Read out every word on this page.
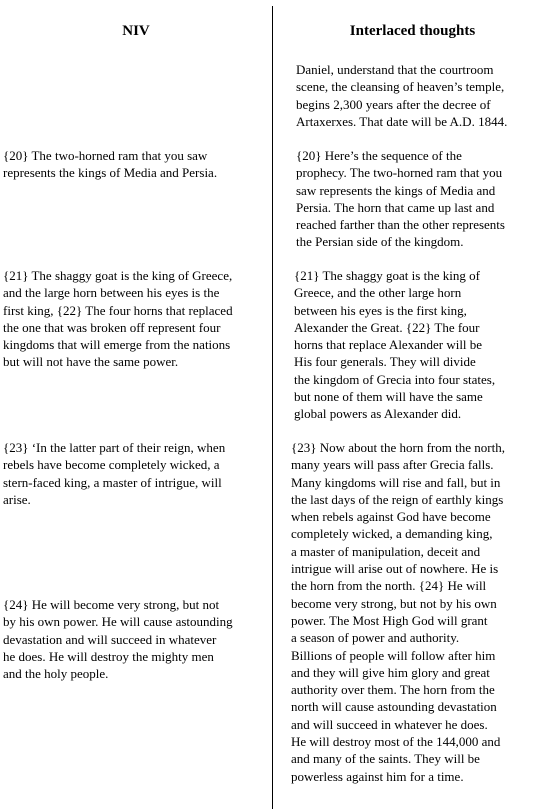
NIV	Interlaced thoughts
{20} The two-horned ram that you saw
represents the kings of Media and Persia.
{21} The shaggy goat is the king of Greece,
and the large horn between his eyes is the
first king, {22} The four horns that replaced
the one that was broken off represent four
kingdoms that will emerge from the nations
but will not have the same power.
{23} ‘In the latter part of their reign, when
rebels have become completely wicked, a
stern-faced king, a master of intrigue, will
arise.
{24} He will become very strong, but not
by his own power. He will cause astounding
devastation and will succeed in whatever
he does. He will destroy the mighty men
and the holy people.
Daniel, understand that the courtroom
scene, the cleansing of heaven’s temple,
begins 2,300 years after the decree of
Artaxerxes. That date will be A.D. 1844.
{20} Here’s the sequence of the
prophecy. The two-horned ram that you
saw represents the kings of Media and
Persia. The horn that came up last and
reached farther than the other represents
the Persian side of the kingdom.
{21} The shaggy goat is the king of
Greece, and the other large horn
between his eyes is the first king,
Alexander the Great. {22} The four
horns that replace Alexander will be
His four generals. They will divide
the kingdom of Grecia into four states,
but none of them will have the same
global powers as Alexander did.
{23} Now about the horn from the north,
many years will pass after Grecia falls.
Many kingdoms will rise and fall, but in
the last days of the reign of earthly kings
when rebels against God have become
completely wicked, a demanding king,
a master of manipulation, deceit and
intrigue will arise out of nowhere. He is
the horn from the north. {24} He will
become very strong, but not by his own
power. The Most High God will grant
a season of power and authority.
Billions of people will follow after him
and they will give him glory and great
authority over them. The horn from the
north will cause astounding devastation
and will succeed in whatever he does.
He will destroy most of the 144,000 and
and many of the saints. They will be
powerless against him for a time.
